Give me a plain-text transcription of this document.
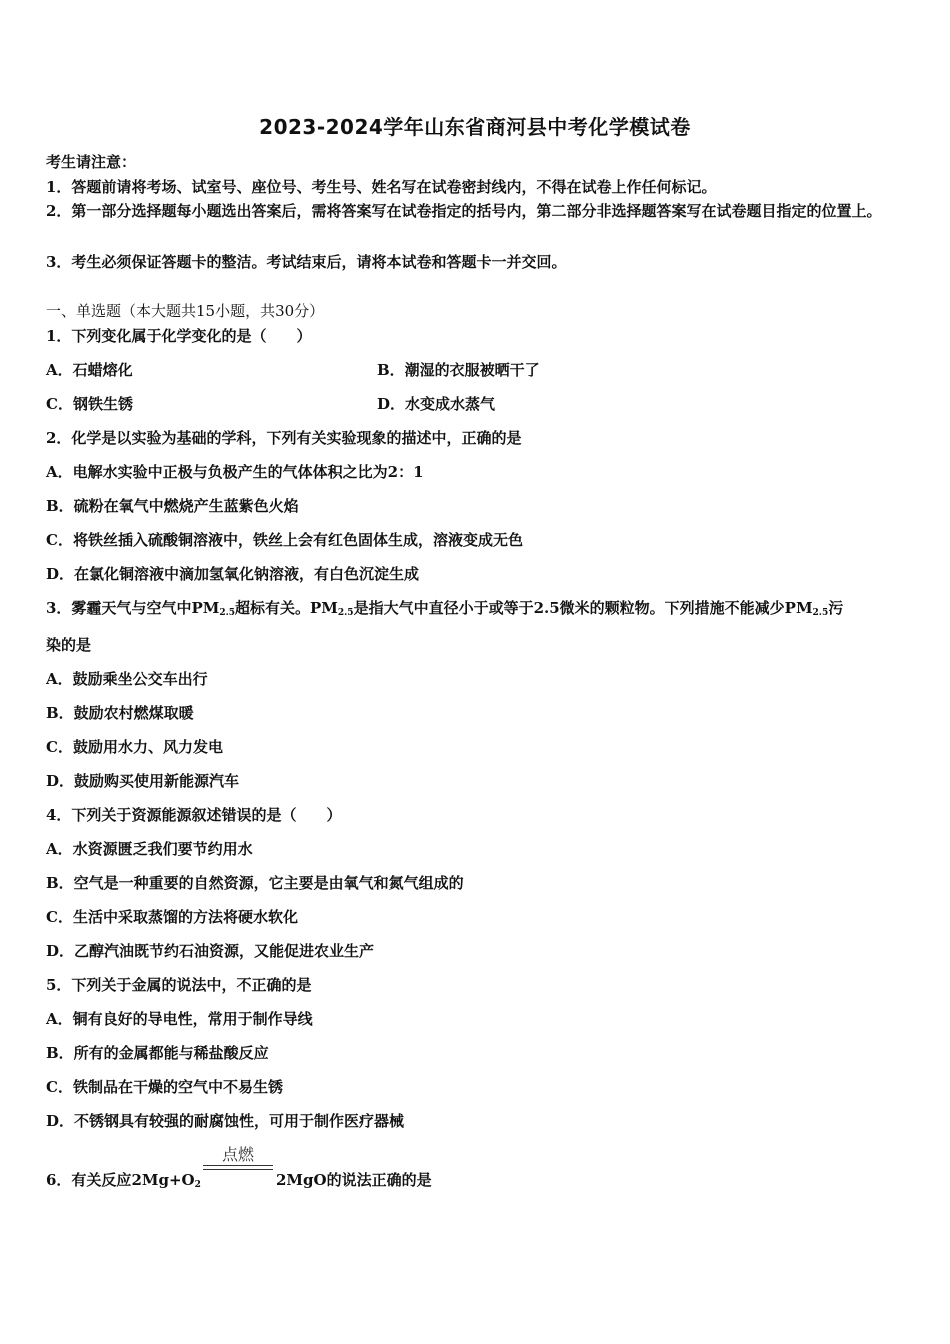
2023-2024学年山东省商河县中考化学模试卷
考生请注意：
1．答题前请将考场、试室号、座位号、考生号、姓名写在试卷密封线内，不得在试卷上作任何标记。
2．第一部分选择题每小题选出答案后，需将答案写在试卷指定的括号内，第二部分非选择题答案写在试卷题目指定的位置上。
3．考生必须保证答题卡的整洁。考试结束后，请将本试卷和答题卡一并交回。
一、单选题（本大题共15小题，共30分）
1．下列变化属于化学变化的是（　　）
A．石蜡熔化	B．潮湿的衣服被晒干了
C．钢铁生锈	D．水变成水蒸气
2．化学是以实验为基础的学科，下列有关实验现象的描述中，正确的是
A．电解水实验中正极与负极产生的气体体积之比为2：1
B．硫粉在氧气中燃烧产生蓝紫色火焰
C．将铁丝插入硫酸铜溶液中，铁丝上会有红色固体生成，溶液变成无色
D．在氯化铜溶液中滴加氢氧化钠溶液，有白色沉淀生成
3．雾霾天气与空气中$PM_{2.5}$超标有关。$PM_{2.5}$是指大气中直径小于或等于2.5微米的颗粒物。下列措施不能减少$PM_{2.5}$污
染的是
A．鼓励乘坐公交车出行
B．鼓励农村燃煤取暖
C．鼓励用水力、风力发电
D．鼓励购买使用新能源汽车
4．下列关于资源能源叙述错误的是（　　）
A．水资源匮乏我们要节约用水
B．空气是一种重要的自然资源，它主要是由氧气和氮气组成的
C．生活中采取蒸馏的方法将硬水软化
D．乙醇汽油既节约石油资源，又能促进农业生产
5．下列关于金属的说法中，不正确的是
A．铜有良好的导电性，常用于制作导线
B．所有的金属都能与稀盐酸反应
C．铁制品在干燥的空气中不易生锈
D．不锈钢具有较强的耐腐蚀性，可用于制作医疗器械
6．有关反应$2Mg+O_2$
点燃
2MgO的说法正确的是
